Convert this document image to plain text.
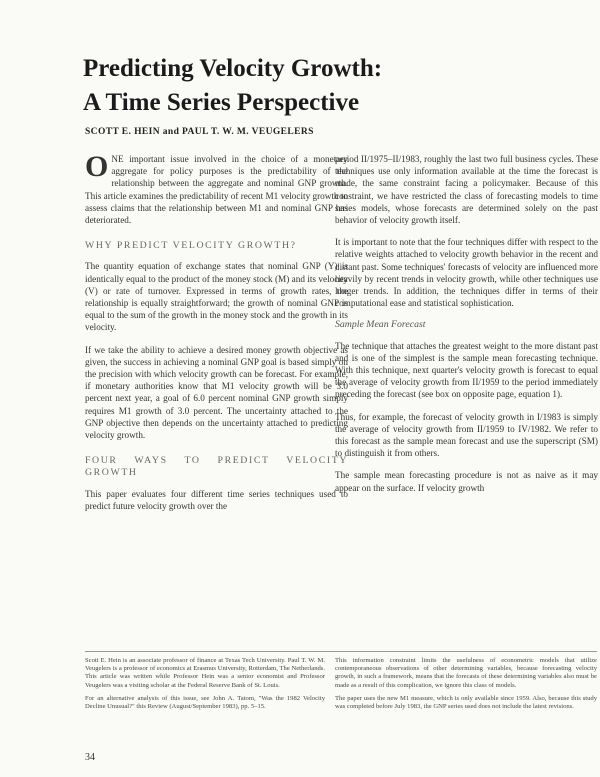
Predicting Velocity Growth:
A Time Series Perspective
SCOTT E. HEIN and PAUL T. W. M. VEUGELERS

ONE important issue involved in the choice of a monetary aggregate for policy purposes is the predictability of the relationship between the aggregate and nominal GNP growth. This article examines the predictability of recent M1 velocity growth to assess claims that the relationship between M1 and nominal GNP has deteriorated.

WHY PREDICT VELOCITY GROWTH?

The quantity equation of exchange states that nominal GNP (Y) is identically equal to the product of the money stock (M) and its velocity (V) or rate of turnover. Expressed in terms of growth rates, the relationship is equally straightforward; the growth of nominal GNP is equal to the sum of the growth in the money stock and the growth in its velocity.

If we take the ability to achieve a desired money growth objective as given, the success in achieving a nominal GNP goal is based simply on the precision with which velocity growth can be forecast. For example, if monetary authorities know that M1 velocity growth will be 3.0 percent next year, a goal of 6.0 percent nominal GNP growth simply requires M1 growth of 3.0 percent. The uncertainty attached to the GNP objective then depends on the uncertainty attached to predicting velocity growth.

FOUR WAYS TO PREDICT VELOCITY GROWTH

This paper evaluates four different time series techniques used to predict future velocity growth over the

period II/1975–II/1983, roughly the last two full business cycles. These techniques use only information available at the time the forecast is made, the same constraint facing a policymaker. Because of this constraint, we have restricted the class of forecasting models to time series models, whose forecasts are determined solely on the past behavior of velocity growth itself.

It is important to note that the four techniques differ with respect to the relative weights attached to velocity growth behavior in the recent and distant past. Some techniques' forecasts of velocity are influenced more heavily by recent trends in velocity growth, while other techniques use longer trends. In addition, the techniques differ in terms of their computational ease and statistical sophistication.

Sample Mean Forecast

The technique that attaches the greatest weight to the more distant past and is one of the simplest is the sample mean forecasting technique. With this technique, next quarter's velocity growth is forecast to equal the average of velocity growth from II/1959 to the period immediately preceding the forecast (see box on opposite page, equation 1).

Thus, for example, the forecast of velocity growth in I/1983 is simply the average of velocity growth from II/1959 to IV/1982. We refer to this forecast as the sample mean forecast and use the superscript (SM) to distinguish it from others.

The sample mean forecasting procedure is not as naive as it may appear on the surface. If velocity growth

Scott E. Hein is an associate professor of finance at Texas Tech University. Paul T. W. M. Veugelers is a professor of economics at Erasmus University, Rotterdam, The Netherlands. This article was written while Professor Hein was a senior economist and Professor Veugelers was a visiting scholar at the Federal Reserve Bank of St. Louis.

For an alternative analysis of this issue, see John A. Tatom, "Was the 1982 Velocity Decline Unusual?" this Review (August/September 1983), pp. 5–15.

This information constraint limits the usefulness of econometric models that utilize contemporaneous observations of other determining variables, because forecasting velocity growth, in such a framework, means that the forecasts of these determining variables also must be made as a result of this complication, we ignore this class of models.

The paper uses the new M1 measure, which is only available since 1959. Also, because this study was completed before July 1983, the GNP series used does not include the latest revisions.

34
